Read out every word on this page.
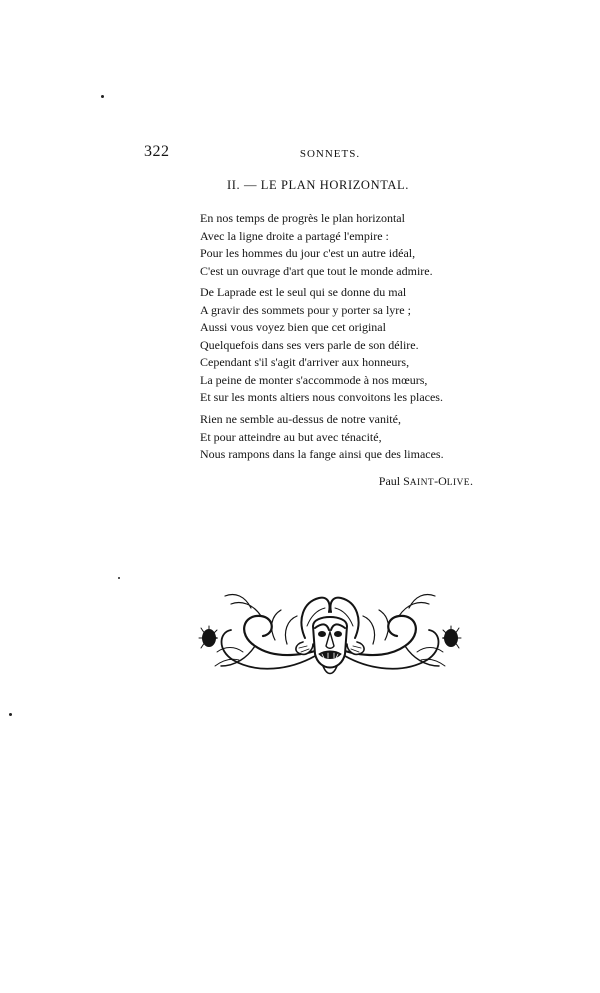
322	SONNETS.
II. — LE PLAN HORIZONTAL.
En nos temps de progrès le plan horizontal
Avec la ligne droite a partagé l'empire :
Pour les hommes du jour c'est un autre idéal,
C'est un ouvrage d'art que tout le monde admire.
De Laprade est le seul qui se donne du mal
A gravir des sommets pour y porter sa lyre ;
Aussi vous voyez bien que cet original
Quelquefois dans ses vers parle de son délire.
Cependant s'il s'agit d'arriver aux honneurs,
La peine de monter s'accommode à nos mœurs,
Et sur les monts altiers nous convoitons les places.
Rien ne semble au-dessus de notre vanité,
Et pour atteindre au but avec ténacité,
Nous rampons dans la fange ainsi que des limaces.
Paul SAINT-OLIVE.
